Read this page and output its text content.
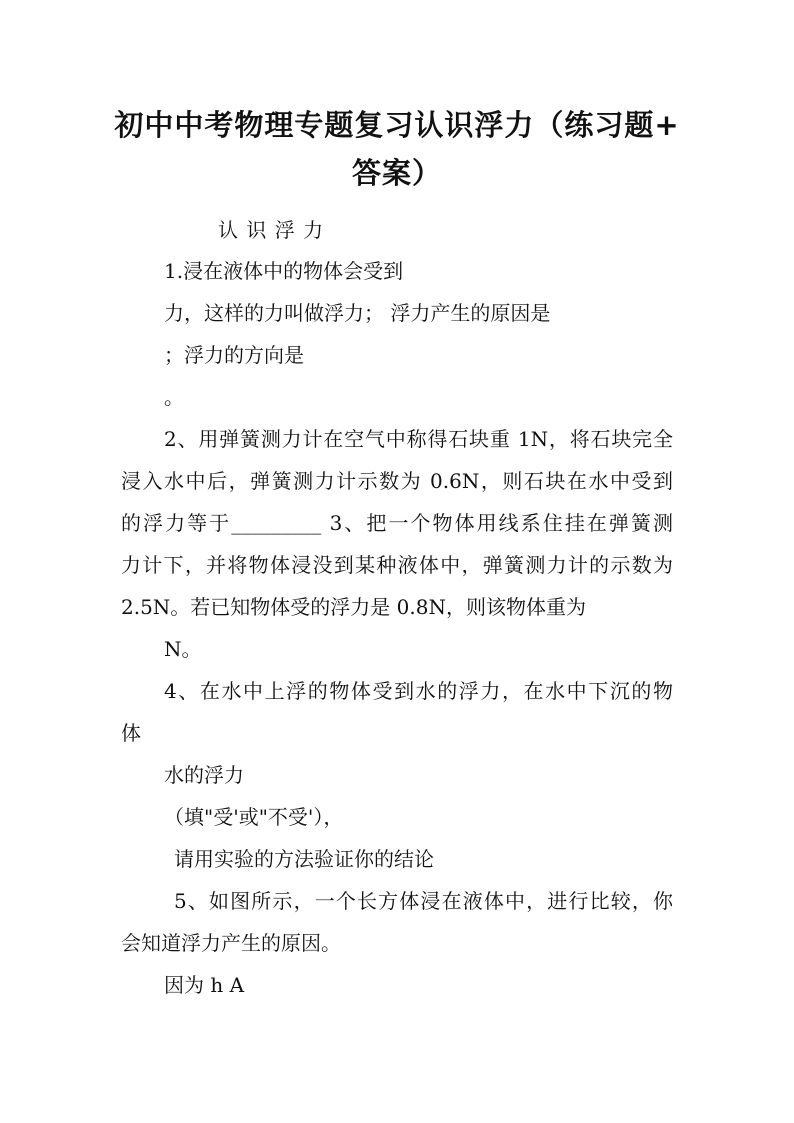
初中中考物理专题复习认识浮力（练习题+
答案）
认 识 浮 力
1.浸在液体中的物体会受到
力，这样的力叫做浮力； 浮力产生的原因是
；浮力的方向是
。
2、用弹簧测力计在空气中称得石块重 1N，将石块完全
浸入水中后，弹簧测力计示数为 0.6N，则石块在水中受到
的浮力等于_________ 3、把一个物体用线系住挂在弹簧测
力计下，并将物体浸没到某种液体中，弹簧测力计的示数为
2.5N。若已知物体受的浮力是 0.8N，则该物体重为
N。
4、在水中上浮的物体受到水的浮力，在水中下沉的物
体
水的浮力
（填"受'或"不受'），
请用实验的方法验证你的结论
5、如图所示，一个长方体浸在液体中，进行比较，你
会知道浮力产生的原因。
因为 h A
